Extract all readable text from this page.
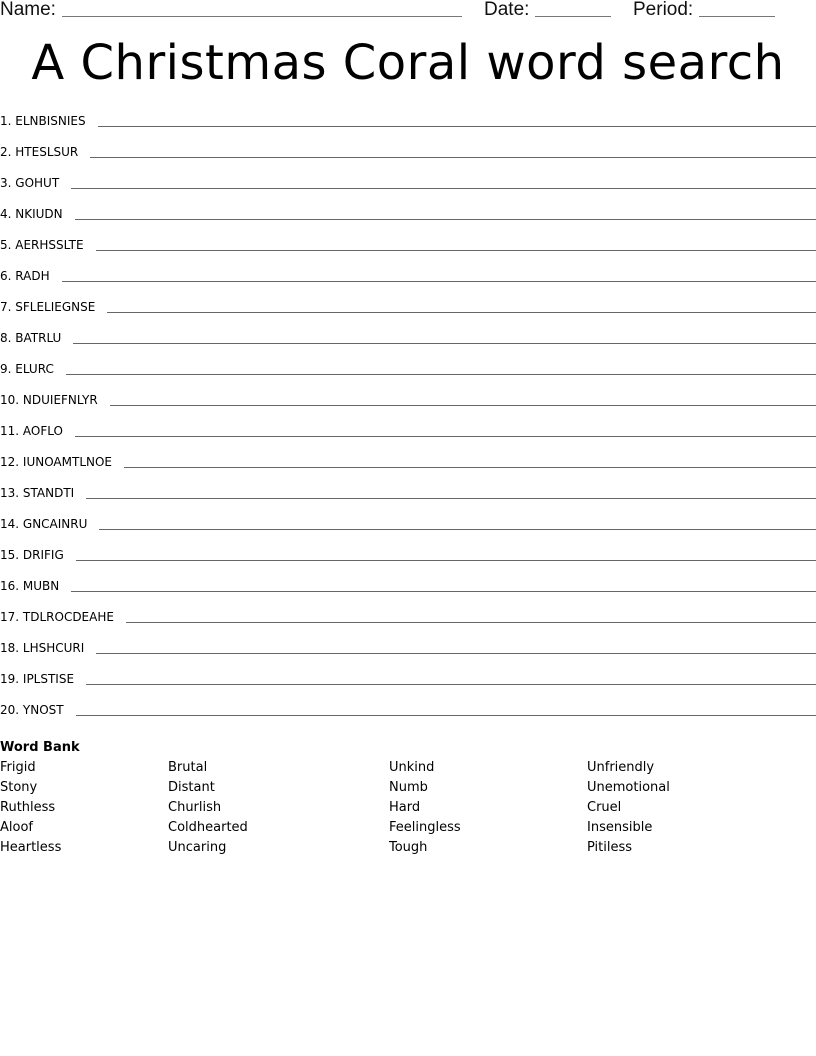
Name:	Date:	Period:
A Christmas Coral word search
1. ELNBISNIES
2. HTESLSUR
3. GOHUT
4. NKIUDN
5. AERHSSLTE
6. RADH
7. SFLELIEGNSE
8. BATRLU
9. ELURC
10. NDUIEFNLYR
11. AOFLO
12. IUNOAMTLNOE
13. STANDTI
14. GNCAINRU
15. DRIFIG
16. MUBN
17. TDLROCDEAHE
18. LHSHCURI
19. IPLSTISE
20. YNOST
Word Bank
Frigid
Stony
Ruthless
Aloof
Heartless
Brutal
Distant
Churlish
Coldhearted
Uncaring
Unkind
Numb
Hard
Feelingless
Tough
Unfriendly
Unemotional
Cruel
Insensible
Pitiless
